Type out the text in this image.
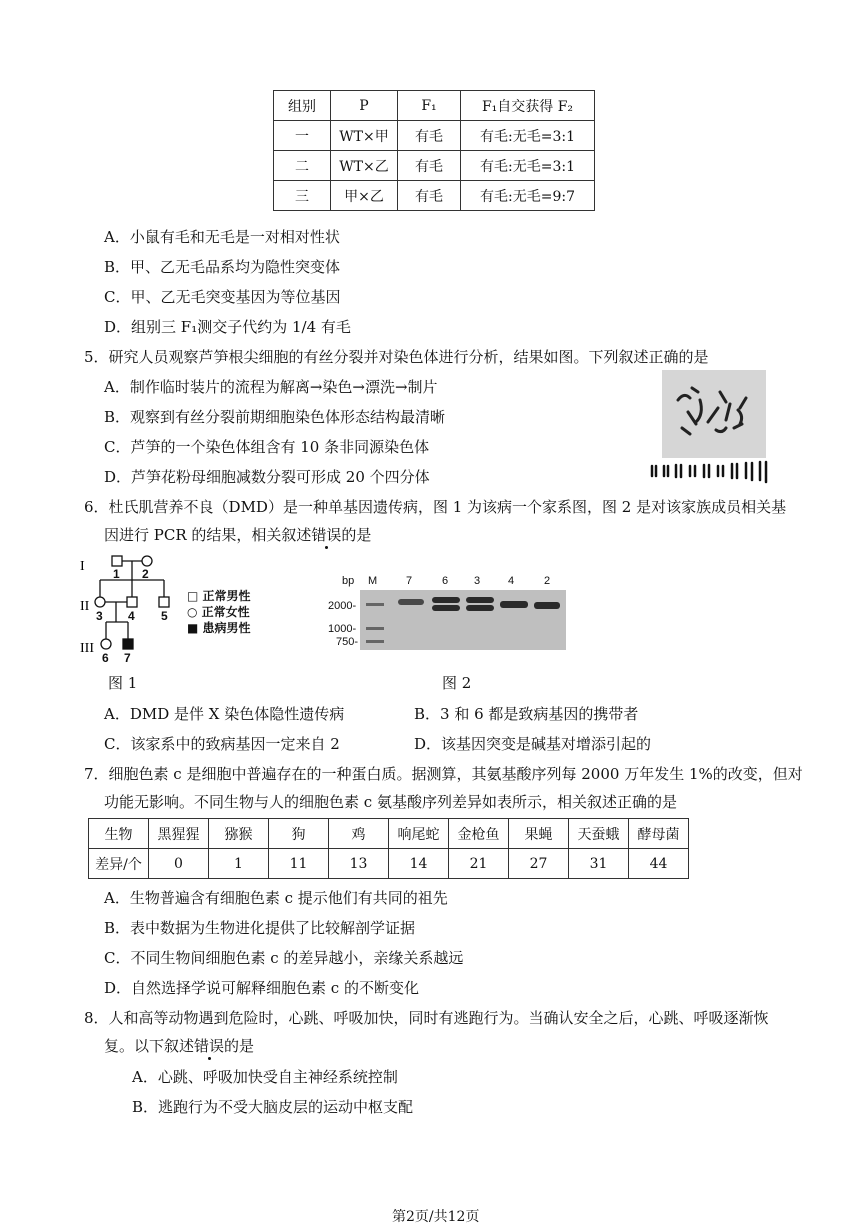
组别	P	F₁	F₁自交获得 F₂
一	WT×甲	有毛	有毛:无毛=3:1
二	WT×乙	有毛	有毛:无毛=3:1
三	甲×乙	有毛	有毛:无毛=9:7
A．小鼠有毛和无毛是一对相对性状
B．甲、乙无毛品系均为隐性突变体
C．甲、乙无毛突变基因为等位基因
D．组别三 F₁测交子代约为 1/4 有毛
5．研究人员观察芦笋根尖细胞的有丝分裂并对染色体进行分析，结果如图。下列叙述正确的是
A．制作临时装片的流程为解离→染色→漂洗→制片
B．观察到有丝分裂前期细胞染色体形态结构最清晰
C．芦笋的一个染色体组含有 10 条非同源染色体
D．芦笋花粉母细胞减数分裂可形成 20 个四分体
6．杜氏肌营养不良（DMD）是一种单基因遗传病，图 1 为该病一个家系图，图 2 是对该家族成员相关基
因进行 PCR 的结果，相关叙述错误的是
I
II
III
1 2
3 4 5
6 7
□ 正常男性
○ 正常女性
■ 患病男性
图 1
bp M	7	6 3	4	2
2000-
1000-
750-
图 2
A．DMD 是伴 X 染色体隐性遗传病	B．3 和 6 都是致病基因的携带者
C．该家系中的致病基因一定来自 2	D．该基因突变是碱基对增添引起的
7．细胞色素 c 是细胞中普遍存在的一种蛋白质。据测算，其氨基酸序列每 2000 万年发生 1%的改变，但对
功能无影响。不同生物与人的细胞色素 c 氨基酸序列差异如表所示，相关叙述正确的是
生物	黑猩猩	猕猴	狗	鸡	响尾蛇	金枪鱼	果蝇	天蚕蛾	酵母菌
差异/个	0	1	11	13	14	21	27	31	44
A．生物普遍含有细胞色素 c 提示他们有共同的祖先
B．表中数据为生物进化提供了比较解剖学证据
C．不同生物间细胞色素 c 的差异越小，亲缘关系越远
D．自然选择学说可解释细胞色素 c 的不断变化
8．人和高等动物遇到危险时，心跳、呼吸加快，同时有逃跑行为。当确认安全之后，心跳、呼吸逐渐恢
复。以下叙述错误的是
A．心跳、呼吸加快受自主神经系统控制
B．逃跑行为不受大脑皮层的运动中枢支配
第2页/共12页
